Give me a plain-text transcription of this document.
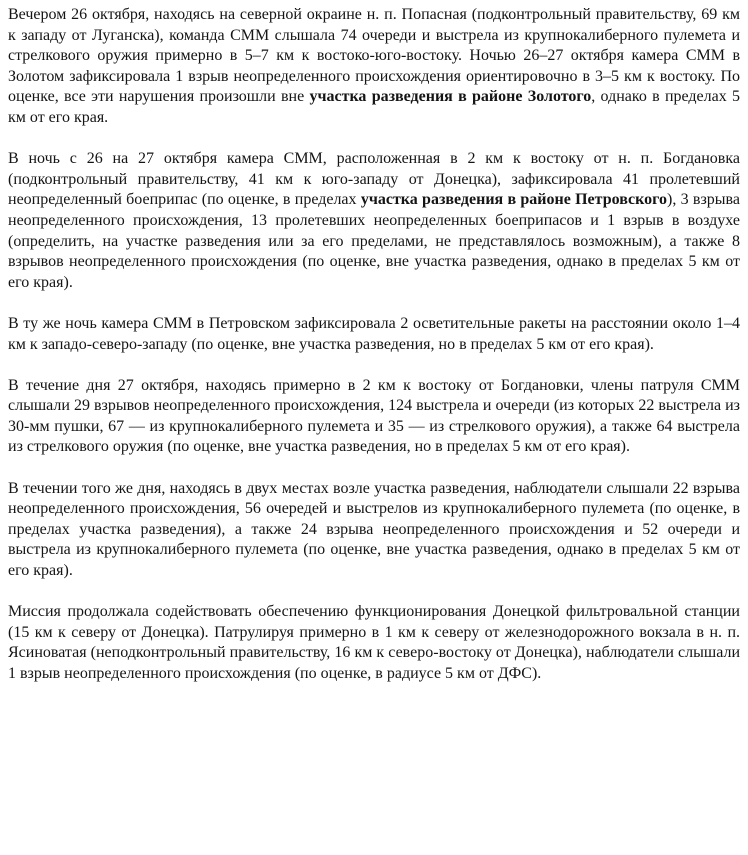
Вечером 26 октября, находясь на северной окраине н. п. Попасная (подконтрольный правительству, 69 км к западу от Луганска), команда СММ слышала 74 очереди и выстрела из крупнокалиберного пулемета и стрелкового оружия примерно в 5–7 км к востоко-юго-востоку. Ночью 26–27 октября камера СММ в Золотом зафиксировала 1 взрыв неопределенного происхождения ориентировочно в 3–5 км к востоку. По оценке, все эти нарушения произошли вне участка разведения в районе Золотого, однако в пределах 5 км от его края.

В ночь с 26 на 27 октября камера СММ, расположенная в 2 км к востоку от н. п. Богдановка (подконтрольный правительству, 41 км к юго-западу от Донецка), зафиксировала 41 пролетевший неопределенный боеприпас (по оценке, в пределах участка разведения в районе Петровского), 3 взрыва неопределенного происхождения, 13 пролетевших неопределенных боеприпасов и 1 взрыв в воздухе (определить, на участке разведения или за его пределами, не представлялось возможным), а также 8 взрывов неопределенного происхождения (по оценке, вне участка разведения, однако в пределах 5 км от его края).

В ту же ночь камера СММ в Петровском зафиксировала 2 осветительные ракеты на расстоянии около 1–4 км к западо-северо-западу (по оценке, вне участка разведения, но в пределах 5 км от его края).

В течение дня 27 октября, находясь примерно в 2 км к востоку от Богдановки, члены патруля СММ слышали 29 взрывов неопределенного происхождения, 124 выстрела и очереди (из которых 22 выстрела из 30-мм пушки, 67 — из крупнокалиберного пулемета и 35 — из стрелкового оружия), а также 64 выстрела из стрелкового оружия (по оценке, вне участка разведения, но в пределах 5 км от его края).

В течении того же дня, находясь в двух местах возле участка разведения, наблюдатели слышали 22 взрыва неопределенного происхождения, 56 очередей и выстрелов из крупнокалиберного пулемета (по оценке, в пределах участка разведения), а также 24 взрыва неопределенного происхождения и 52 очереди и выстрела из крупнокалиберного пулемета (по оценке, вне участка разведения, однако в пределах 5 км от его края).

Миссия продолжала содействовать обеспечению функционирования Донецкой фильтровальной станции (15 км к северу от Донецка). Патрулируя примерно в 1 км к северу от железнодорожного вокзала в н. п. Ясиноватая (неподконтрольный правительству, 16 км к северо-востоку от Донецка), наблюдатели слышали 1 взрыв неопределенного происхождения (по оценке, в радиусе 5 км от ДФС).
